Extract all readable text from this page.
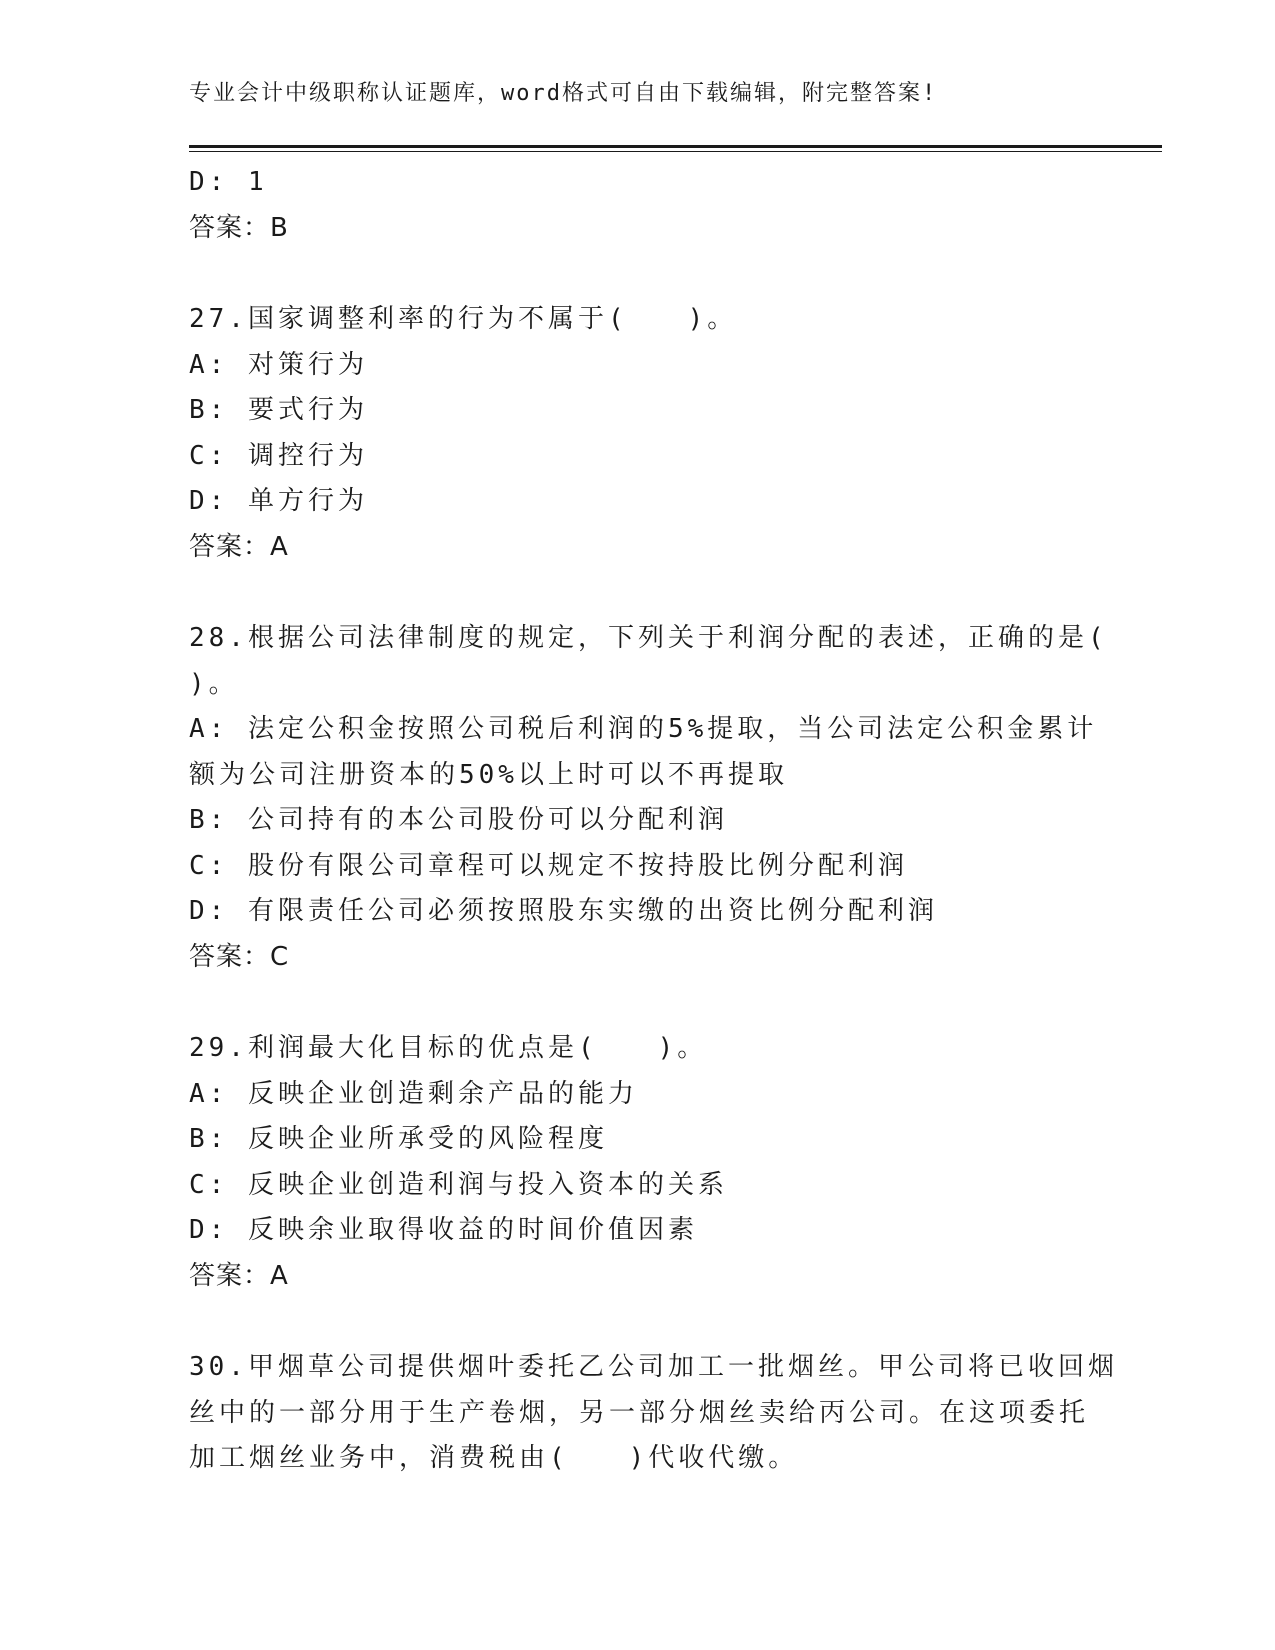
专业会计中级职称认证题库，word格式可自由下载编辑，附完整答案!
D: 1
答案：B
27.国家调整利率的行为不属于(　　)。
A: 对策行为
B: 要式行为
C: 调控行为
D: 单方行为
答案：A
28.根据公司法律制度的规定，下列关于利润分配的表述，正确的是(
)。
A: 法定公积金按照公司税后利润的5%提取，当公司法定公积金累计
额为公司注册资本的50%以上时可以不再提取
B: 公司持有的本公司股份可以分配利润
C: 股份有限公司章程可以规定不按持股比例分配利润
D: 有限责任公司必须按照股东实缴的出资比例分配利润
答案：C
29.利润最大化目标的优点是(　　)。
A: 反映企业创造剩余产品的能力
B: 反映企业所承受的风险程度
C: 反映企业创造利润与投入资本的关系
D: 反映余业取得收益的时间价值因素
答案：A
30.甲烟草公司提供烟叶委托乙公司加工一批烟丝。甲公司将已收回烟
丝中的一部分用于生产卷烟，另一部分烟丝卖给丙公司。在这项委托
加工烟丝业务中，消费税由(　　)代收代缴。
